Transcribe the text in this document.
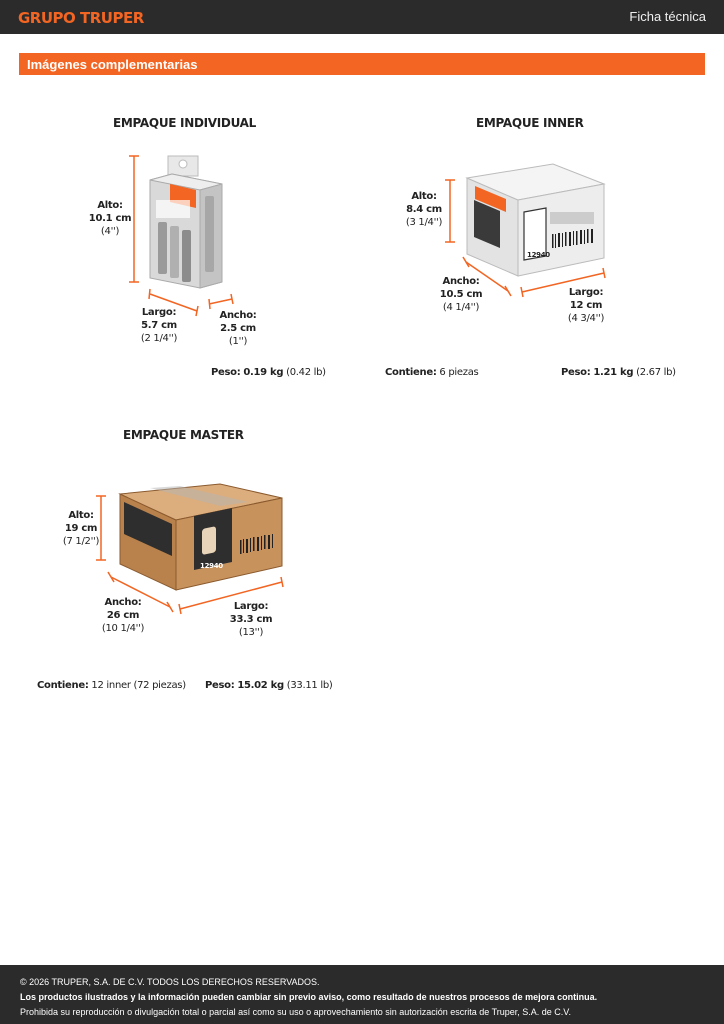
GRUPO TRUPER	Ficha técnica
Imágenes complementarias
12940
12940
EMPAQUE INDIVIDUAL
Alto:
10.1 cm
(4'')
Largo:
5.7 cm
(2 1/4'')
Ancho:
2.5 cm
(1'')
Peso: 0.19 kg (0.42 lb)
EMPAQUE INNER
Alto:
8.4 cm
(3 1/4'')
Ancho:
10.5 cm
(4 1/4'')
Largo:
12 cm
(4 3/4'')
Contiene: 6 piezas	Peso: 1.21 kg (2.67 lb)
EMPAQUE MASTER
Alto:
19 cm
(7 1/2'')
Ancho:
26 cm
(10 1/4'')
Largo:
33.3 cm
(13'')
Contiene: 12 inner (72 piezas) Peso: 15.02 kg (33.11 lb)
© 2026 TRUPER, S.A. DE C.V. TODOS LOS DERECHOS RESERVADOS.
Los productos ilustrados y la información pueden cambiar sin previo aviso, como resultado de nuestros procesos de mejora continua.
Prohibida su reproducción o divulgación total o parcial así como su uso o aprovechamiento sin autorización escrita de Truper, S.A. de C.V.
